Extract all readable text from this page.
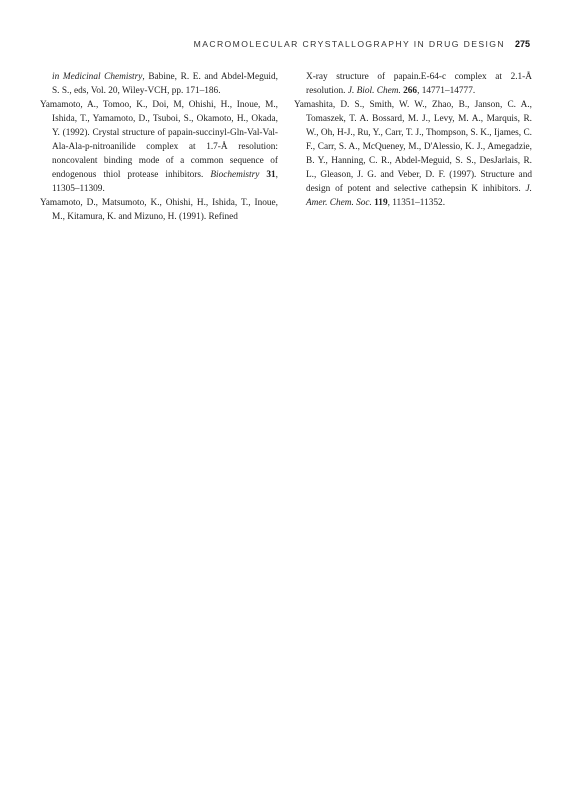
MACROMOLECULAR CRYSTALLOGRAPHY IN DRUG DESIGN 275

in Medicinal Chemistry, Babine, R. E. and Abdel-Meguid, S. S., eds, Vol. 20, Wiley-VCH, pp. 171–186.

Yamamoto, A., Tomoo, K., Doi, M, Ohishi, H., Inoue, M., Ishida, T., Yamamoto, D., Tsuboi, S., Okamoto, H., Okada, Y. (1992). Crystal structure of papain-succinyl-Gln-Val-Val-Ala-Ala-p-nitroanilide complex at 1.7-Å resolution: noncovalent binding mode of a common sequence of endogenous thiol protease inhibitors. Biochemistry 31, 11305–11309.

Yamamoto, D., Matsumoto, K., Ohishi, H., Ishida, T., Inoue, M., Kitamura, K. and Mizuno, H. (1991). Refined

X-ray structure of papain.E-64-c complex at 2.1-Å resolution. J. Biol. Chem. 266, 14771–14777.

Yamashita, D. S., Smith, W. W., Zhao, B., Janson, C. A., Tomaszek, T. A. Bossard, M. J., Levy, M. A., Marquis, R. W., Oh, H-J., Ru, Y., Carr, T. J., Thompson, S. K., Ijames, C. F., Carr, S. A., McQueney, M., D'Alessio, K. J., Amegadzie, B. Y., Hanning, C. R., Abdel-Meguid, S. S., DesJarlais, R. L., Gleason, J. G. and Veber, D. F. (1997). Structure and design of potent and selective cathepsin K inhibitors. J. Amer. Chem. Soc. 119, 11351–11352.
